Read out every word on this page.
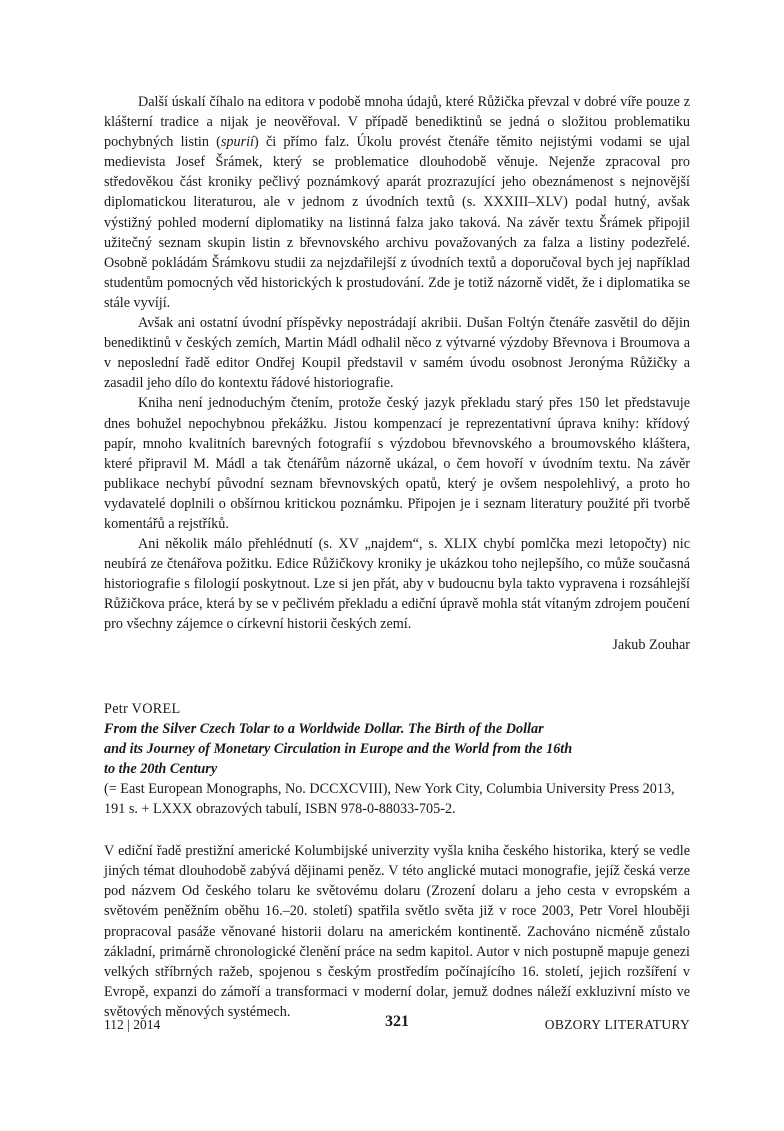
Další úskalí číhalo na editora v podobě mnoha údajů, které Růžička převzal v dobré víře pouze z klášterní tradice a nijak je neověřoval. V případě benediktinů se jedná o složitou problematiku pochybných listin (spurií) či přímo falz. Úkolu provést čtenáře těmito nejistými vodami se ujal medievista Josef Šrámek, který se problematice dlouhodobě věnuje. Nejenže zpracoval pro středověkou část kroniky pečlivý poznámkový aparát prozrazující jeho obeznámenost s nejnovější diplomatickou literaturou, ale v jednom z úvodních textů (s. XXXIII–XLV) podal hutný, avšak výstižný pohled moderní diplomatiky na listinná falza jako taková. Na závěr textu Šrámek připojil užitečný seznam skupin listin z břevnovského archivu považovaných za falza a listiny podezřelé. Osobně pokládám Šrámkovu studii za nejzdařilejší z úvodních textů a doporučoval bych jej například studentům pomocných věd historických k prostudování. Zde je totiž názorně vidět, že i diplomatika se stále vyvíjí.

Avšak ani ostatní úvodní příspěvky nepostrádají akribii. Dušan Foltýn čtenáře zasvětil do dějin benediktinů v českých zemích, Martin Mádl odhalil něco z výtvarné výzdoby Břevnova i Broumova a v neposlední řadě editor Ondřej Koupil představil v samém úvodu osobnost Jeronýma Růžičky a zasadil jeho dílo do kontextu řádové historiografie.

Kniha není jednoduchým čtením, protože český jazyk překladu starý přes 150 let představuje dnes bohužel nepochybnou překážku. Jistou kompenzací je reprezentativní úprava knihy: křídový papír, mnoho kvalitních barevných fotografií s výzdobou břevnovského a broumovského kláštera, které připravil M. Mádl a tak čtenářům názorně ukázal, o čem hovoří v úvodním textu. Na závěr publikace nechybí původní seznam břevnovských opatů, který je ovšem nespolehlivý, a proto ho vydavatelé doplnili o obšírnou kritickou poznámku. Připojen je i seznam literatury použité při tvorbě komentářů a rejstříků.

Ani několik málo přehlédnutí (s. XV „najdem“, s. XLIX chybí pomlčka mezi letopočty) nic neubírá ze čtenářova požitku. Edice Růžičkovy kroniky je ukázkou toho nejlepšího, co může současná historiografie s filologií poskytnout. Lze si jen přát, aby v budoucnu byla takto vypravena i rozsáhlejší Růžičkova práce, která by se v pečlivém překladu a ediční úpravě mohla stát vítaným zdrojem poučení pro všechny zájemce o církevní historii českých zemí.

Jakub Zouhar
Petr VOREL
From the Silver Czech Tolar to a Worldwide Dollar. The Birth of the Dollar
and its Journey of Monetary Circulation in Europe and the World from the 16th
to the 20th Century
(= East European Monographs, No. DCCXCVIII), New York City, Columbia University Press 2013, 191 s. + LXXX obrazových tabulí, ISBN 978-0-88033-705-2.

V ediční řadě prestižní americké Kolumbijské univerzity vyšla kniha českého historika, který se vedle jiných témat dlouhodobě zabývá dějinami peněz. V této anglické mutaci monografie, jejíž česká verze pod názvem Od českého tolaru ke světovému dolaru (Zrození dolaru a jeho cesta v evropském a světovém peněžním oběhu 16.–20. století) spatřila světlo světa již v roce 2003, Petr Vorel hlouběji propracoval pasáže věnované historii dolaru na americkém kontinentě. Zachováno nicméně zůstalo základní, primárně chronologické členění práce na sedm kapitol. Autor v nich postupně mapuje genezi velkých stříbrných ražeb, spojenou s českým prostředím počínajícího 16. století, jejich rozšíření v Evropě, expanzi do zámoří a transformaci v moderní dolar, jemuž dodnes náleží exkluzivní místo ve světových měnových systémech.

112 | 2014	321	OBZORY LITERATURY
